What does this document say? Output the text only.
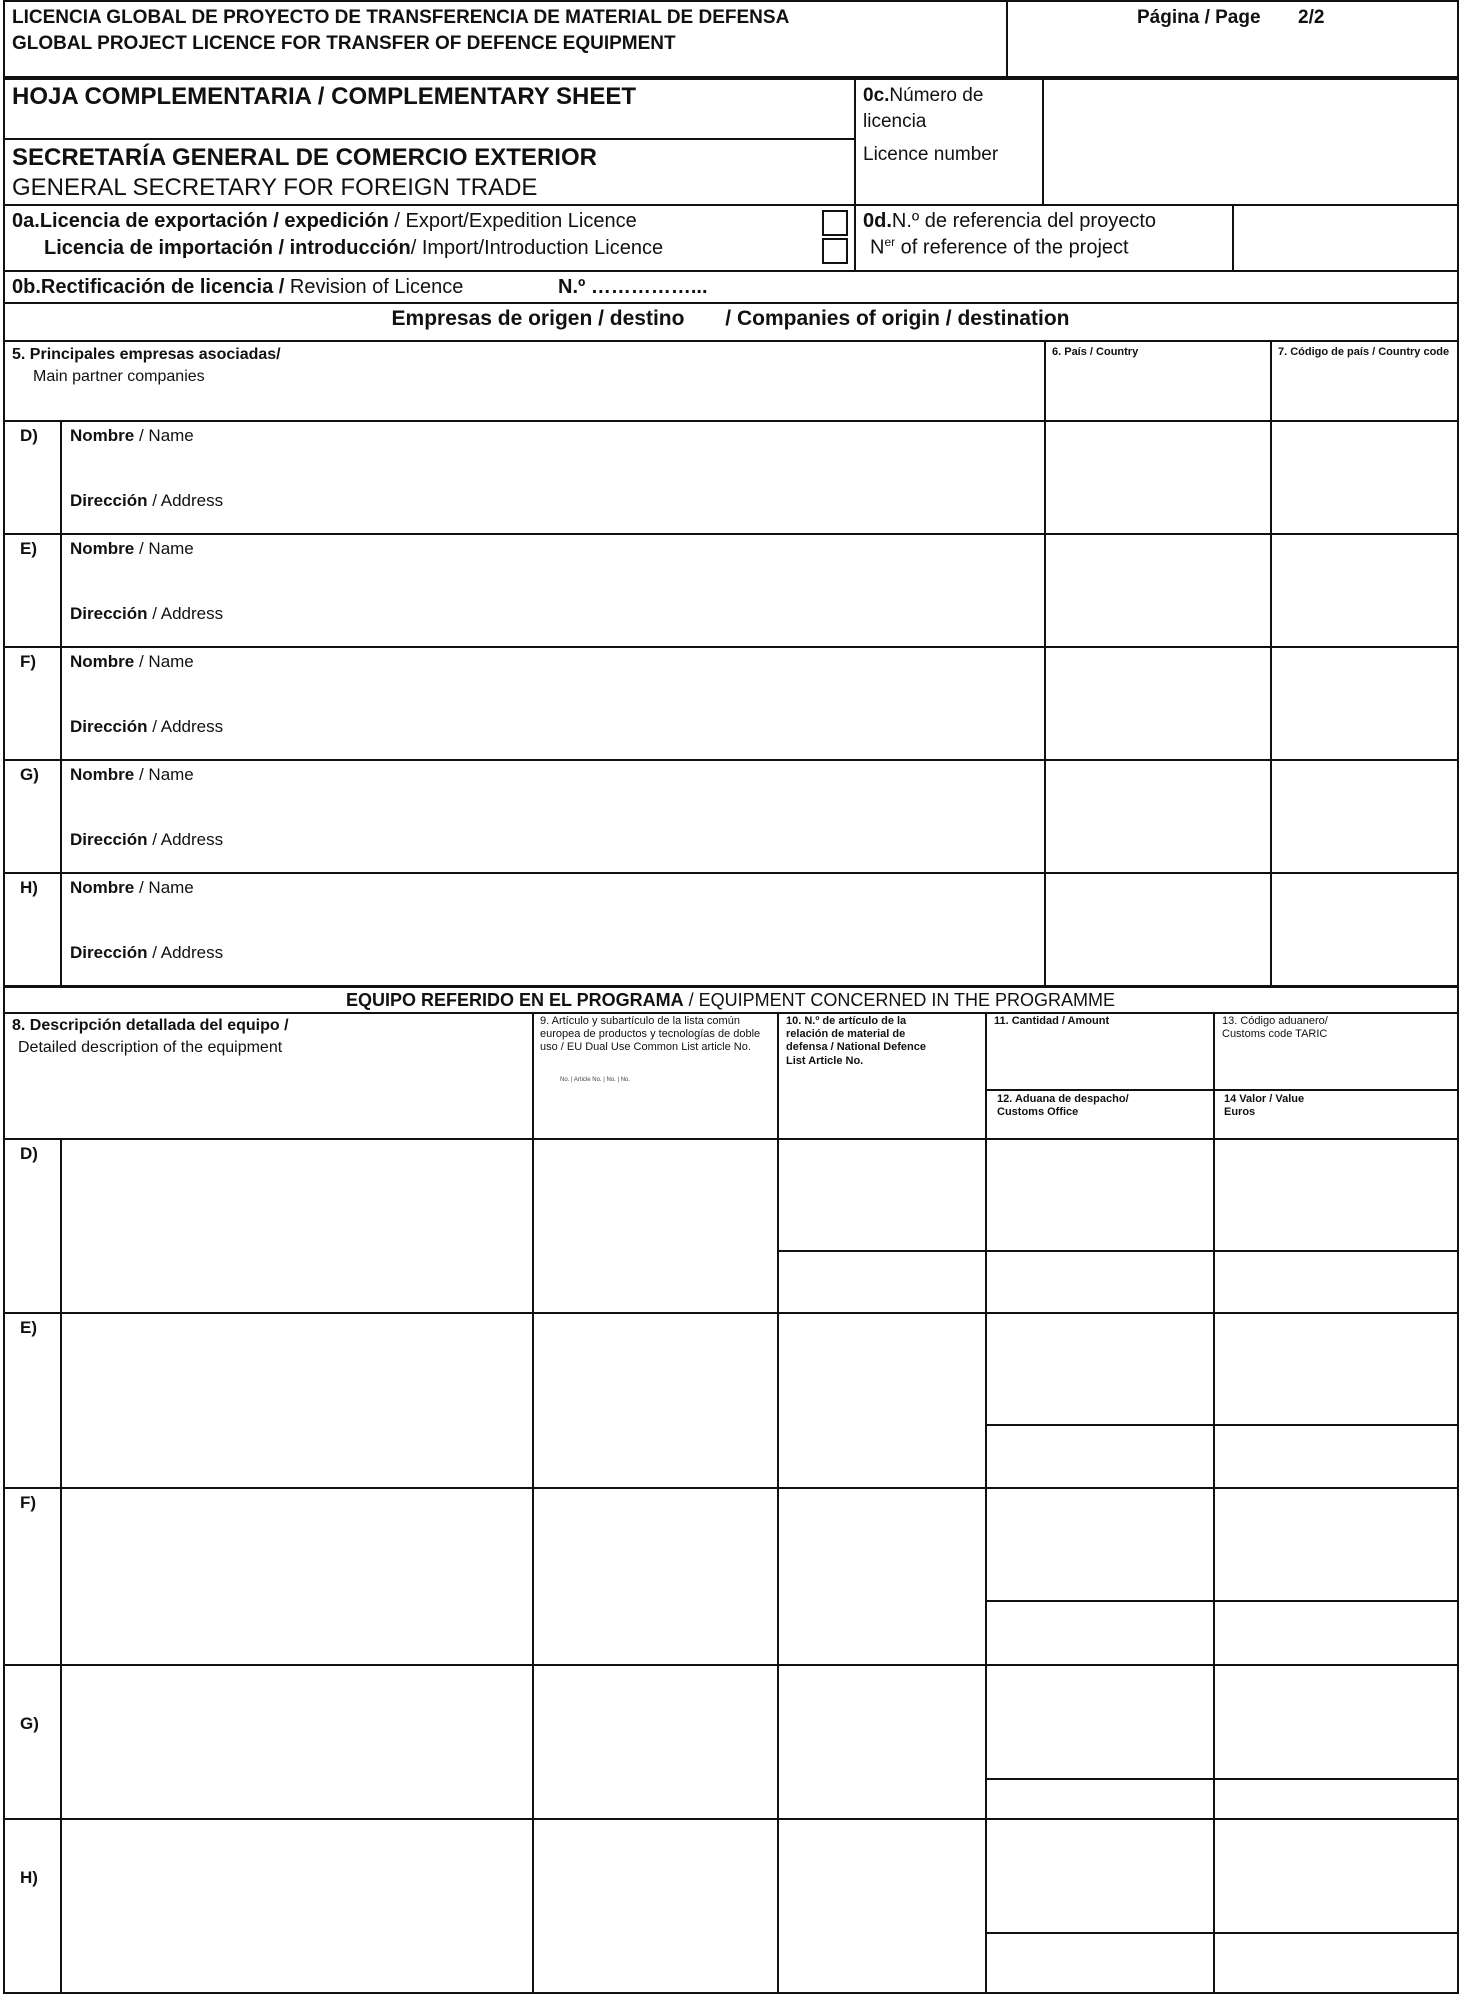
LICENCIA GLOBAL DE PROYECTO DE TRANSFERENCIA DE MATERIAL DE DEFENSA
GLOBAL PROJECT LICENCE FOR TRANSFER OF DEFENCE EQUIPMENT
Página / Page 2/2
HOJA COMPLEMENTARIA / COMPLEMENTARY SHEET
SECRETARÍA GENERAL DE COMERCIO EXTERIOR
GENERAL SECRETARY FOR FOREIGN TRADE
0c.Número de licencia
Licence number
0a.Licencia de exportación / expedición / Export/Expedition Licence
Licencia de importación / introducción/ Import/Introduction Licence
0d.N.º de referencia del proyecto
$N^{er}$ of reference of the project
0b.Rectificación de licencia / Revision of Licence	N.º ……………...
Empresas de origen / destino       / Companies of origin / destination
5. Principales empresas asociadas/
Main partner companies
6. País / Country	7. Código de país / Country code
D) Nombre / Name
Dirección / Address
E) Nombre / Name
Dirección / Address
F) Nombre / Name
Dirección / Address
G) Nombre / Name
Dirección / Address
H) Nombre / Name
Dirección / Address
EQUIPO REFERIDO EN EL PROGRAMA / EQUIPMENT CONCERNED IN THE PROGRAMME
8. Descripción detallada del equipo /
Detailed description of the equipment
9. Artículo y subartículo de la lista común europea de productos y tecnologías de doble uso / EU Dual Use Common List article No.
No. | Article No. | No. | No.
10. N.º de artículo de la relación de material de defensa / National Defence List Article No.
11. Cantidad / Amount	13. Código aduanero/ Customs code TARIC
12. Aduana de despacho/ Customs Office
14 Valor / Value Euros
D)
E)
F)
G)
H)
